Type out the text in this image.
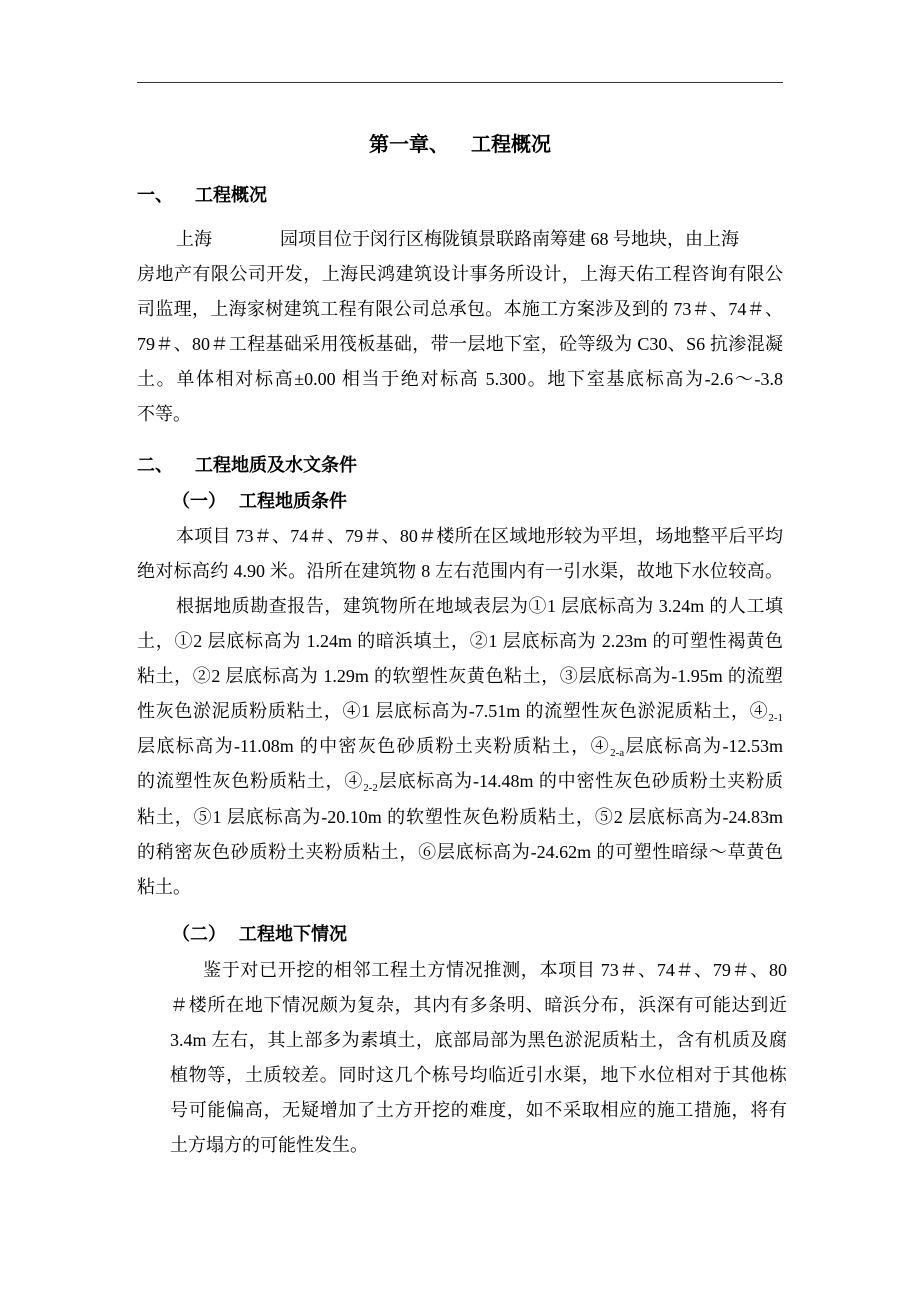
第一章、 工程概况
一、 工程概况
上海	园项目位于闵行区梅陇镇景联路南筹建 68 号地块，由上海
房地产有限公司开发，上海民鸿建筑设计事务所设计，上海天佑工程咨询有限公
司监理，上海家树建筑工程有限公司总承包。本施工方案涉及到的 73＃、74＃、
79＃、80＃工程基础采用筏板基础，带一层地下室，砼等级为 C30、S6 抗渗混凝
土。单体相对标高±0.00 相当于绝对标高 5.300。地下室基底标高为-2.6～-3.8
不等。
二、 工程地质及水文条件
（一） 工程地质条件
本项目 73＃、74＃、79＃、80＃楼所在区域地形较为平坦，场地整平后平均
绝对标高约 4.90 米。沿所在建筑物 8 左右范围内有一引水渠，故地下水位较高。
根据地质勘查报告，建筑物所在地域表层为①1 层底标高为 3.24m 的人工填
土，①2 层底标高为 1.24m 的暗浜填土，②1 层底标高为 2.23m 的可塑性褐黄色
粘土，②2 层底标高为 1.29m 的软塑性灰黄色粘土，③层底标高为-1.95m 的流塑
性灰色淤泥质粉质粘土，④1 层底标高为-7.51m 的流塑性灰色淤泥质粘土，$④_{2-1}$
层底标高为-11.08m 的中密灰色砂质粉土夹粉质粘土，$④_{2-a}$层底标高为-12.53m
的流塑性灰色粉质粘土，$④_{2-2}$层底标高为-14.48m 的中密性灰色砂质粉土夹粉质
粘土，⑤1 层底标高为-20.10m 的软塑性灰色粉质粘土，⑤2 层底标高为-24.83m
的稍密灰色砂质粉土夹粉质粘土，⑥层底标高为-24.62m 的可塑性暗绿～草黄色
粘土。
（二） 工程地下情况
鉴于对已开挖的相邻工程土方情况推测，本项目 73＃、74＃、79＃、80
＃楼所在地下情况颇为复杂，其内有多条明、暗浜分布，浜深有可能达到近
3.4m 左右，其上部多为素填土，底部局部为黑色淤泥质粘土，含有机质及腐
植物等，土质较差。同时这几个栋号均临近引水渠，地下水位相对于其他栋
号可能偏高，无疑增加了土方开挖的难度，如不采取相应的施工措施，将有
土方塌方的可能性发生。
